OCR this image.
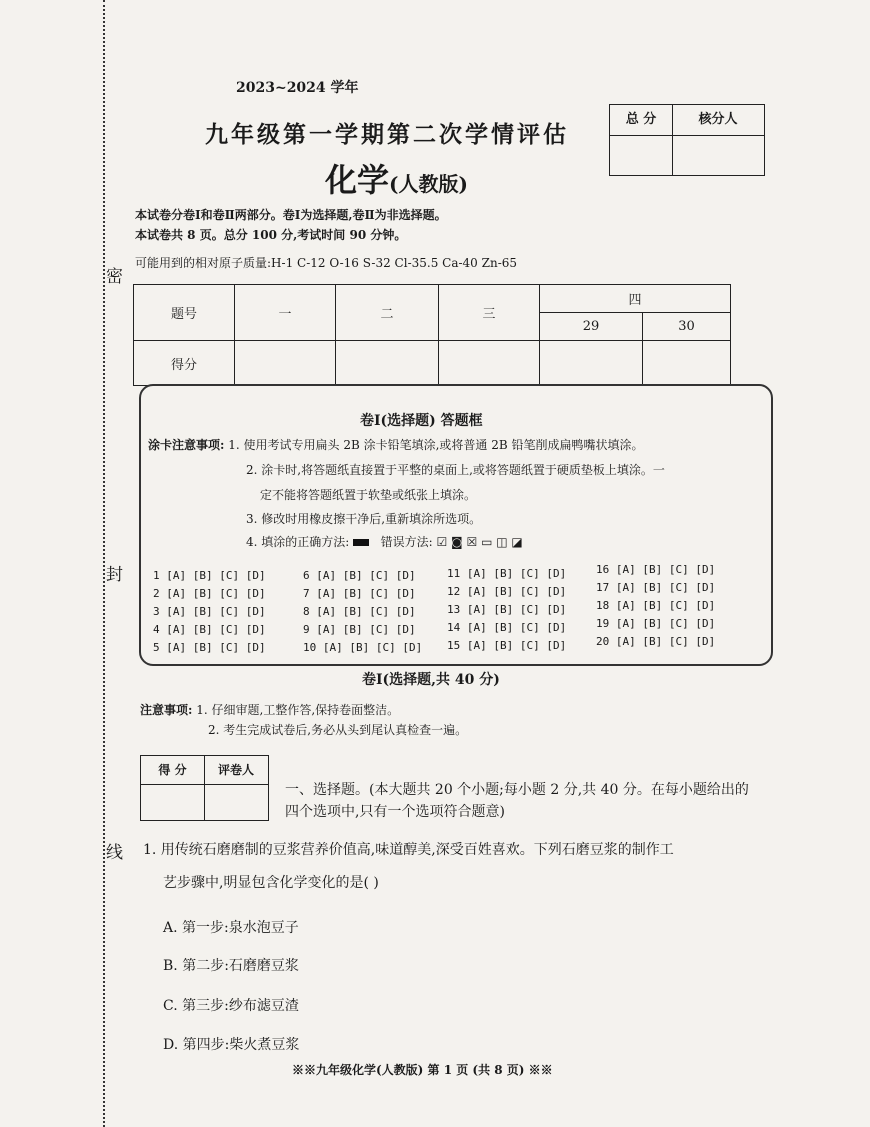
密
封
线
2023~2024 学年
九年级第一学期第二次学情评估
化学(人教版)
总 分	核分人
本试卷分卷Ⅰ和卷Ⅱ两部分。卷Ⅰ为选择题,卷Ⅱ为非选择题。
本试卷共 8 页。总分 100 分,考试时间 90 分钟。
可能用到的相对原子质量:H-1 C-12 O-16 S-32 Cl-35.5 Ca-40 Zn-65
题号	一	二	三	四	
				29	30
得分					
卷Ⅰ(选择题) 答题框
涂卡注意事项: 1. 使用考试专用扁头 2B 涂卡铅笔填涂,或将普通 2B 铅笔削成扁鸭嘴状填涂。
2. 涂卡时,将答题纸直接置于平整的桌面上,或将答题纸置于硬质垫板上填涂。一
定不能将答题纸置于软垫或纸张上填涂。
3. 修改时用橡皮擦干净后,重新填涂所选项。
4. 填涂的正确方法:	错误方法: ☑ ◙ ☒ ▭ ◫ ◪
1 [A] [B] [C] [D]
2 [A] [B] [C] [D]
3 [A] [B] [C] [D]
4 [A] [B] [C] [D]
5 [A] [B] [C] [D]
6 [A] [B] [C] [D]
7 [A] [B] [C] [D]
8 [A] [B] [C] [D]
9 [A] [B] [C] [D]
10 [A] [B] [C] [D]
11 [A] [B] [C] [D]
12 [A] [B] [C] [D]
13 [A] [B] [C] [D]
14 [A] [B] [C] [D]
15 [A] [B] [C] [D]
16 [A] [B] [C] [D]
17 [A] [B] [C] [D]
18 [A] [B] [C] [D]
19 [A] [B] [C] [D]
20 [A] [B] [C] [D]
卷Ⅰ(选择题,共 40 分)
注意事项: 1. 仔细审题,工整作答,保持卷面整洁。
2. 考生完成试卷后,务必从头到尾认真检查一遍。
得 分	评卷人
一、选择题。(本大题共 20 个小题;每小题 2 分,共 40 分。在每小题给出的四个选项中,只有一个选项符合题意)
1. 用传统石磨磨制的豆浆营养价值高,味道醇美,深受百姓喜欢。下列石磨豆浆的制作工
艺步骤中,明显包含化学变化的是( )
A. 第一步:泉水泡豆子
B. 第二步:石磨磨豆浆
C. 第三步:纱布滤豆渣
D. 第四步:柴火煮豆浆
※※九年级化学(人教版) 第 1 页 (共 8 页) ※※
